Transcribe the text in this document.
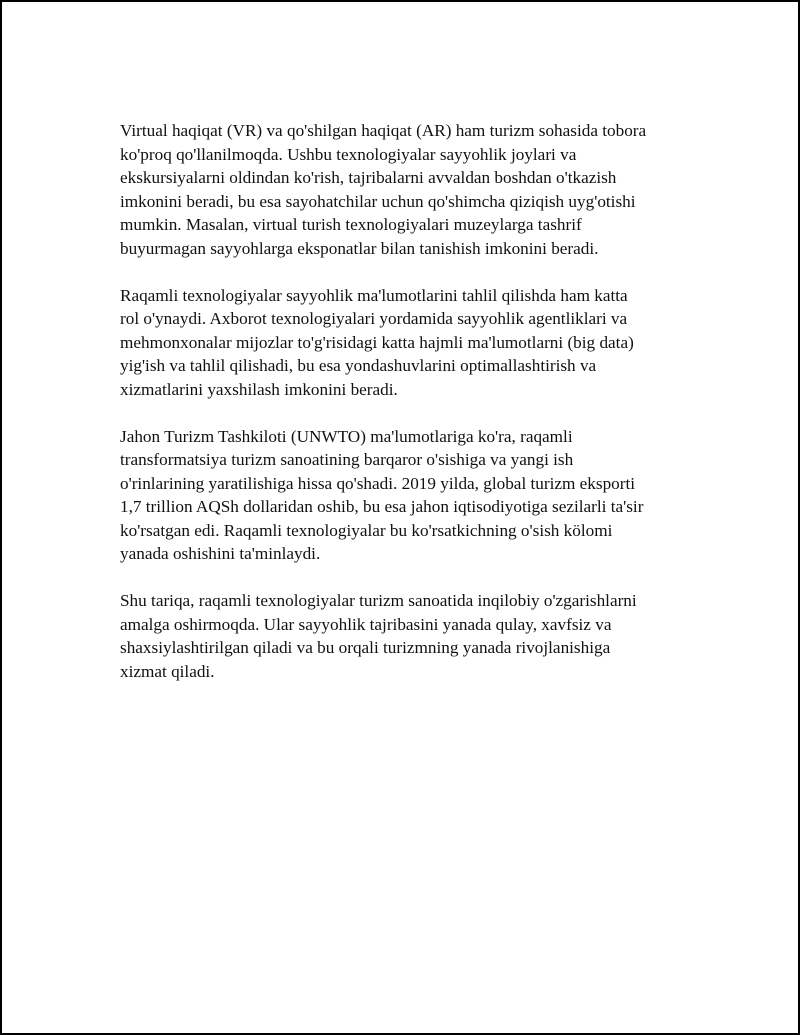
Virtual haqiqat (VR) va qo'shilgan haqiqat (AR) ham turizm sohasida tobora
ko'proq qo'llanilmoqda. Ushbu texnologiyalar sayyohlik joylari va
ekskursiyalarni oldindan ko'rish, tajribalarni avvaldan boshdan o'tkazish
imkonini beradi, bu esa sayohatchilar uchun qo'shimcha qiziqish uyg'otishi
mumkin. Masalan, virtual turish texnologiyalari muzeylarga tashrif
buyurmagan sayyohlarga eksponatlar bilan tanishish imkonini beradi.

Raqamli texnologiyalar sayyohlik ma'lumotlarini tahlil qilishda ham katta
rol o'ynaydi. Axborot texnologiyalari yordamida sayyohlik agentliklari va
mehmonxonalar mijozlar to'g'risidagi katta hajmli ma'lumotlarni (big data)
yig'ish va tahlil qilishadi, bu esa yondashuvlarini optimallashtirish va
xizmatlarini yaxshilash imkonini beradi.

Jahon Turizm Tashkiloti (UNWTO) ma'lumotlariga ko'ra, raqamli
transformatsiya turizm sanoatining barqaror o'sishiga va yangi ish
o'rinlarining yaratilishiga hissa qo'shadi. 2019 yilda, global turizm eksporti
1,7 trillion AQSh dollaridan oshib, bu esa jahon iqtisodiyotiga sezilarli ta'sir
ko'rsatgan edi. Raqamli texnologiyalar bu ko'rsatkichning o'sish kölomi
yanada oshishini ta'minlaydi.

Shu tariqa, raqamli texnologiyalar turizm sanoatida inqilobiy o'zgarishlarni
amalga oshirmoqda. Ular sayyohlik tajribasini yanada qulay, xavfsiz va
shaxsiylashtirilgan qiladi va bu orqali turizmning yanada rivojlanishiga
xizmat qiladi.
